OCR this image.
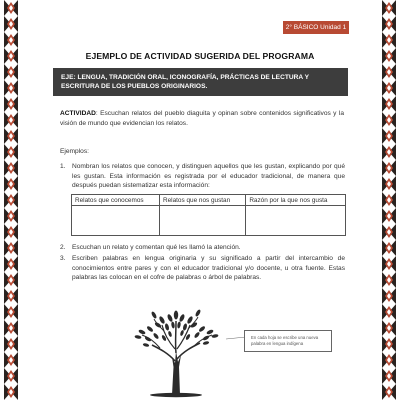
2° BÁSICO Unidad 1
EJEMPLO DE ACTIVIDAD SUGERIDA DEL PROGRAMA
EJE: LENGUA, TRADICIÓN ORAL, ICONOGRAFÍA, PRÁCTICAS DE LECTURA Y ESCRITURA DE LOS PUEBLOS ORIGINARIOS.
ACTIVIDAD: Escuchan relatos del pueblo diaguita y opinan sobre contenidos significativos y la visión de mundo que evidencian los relatos.
Ejemplos:
1. Nombran los relatos que conocen, y distinguen aquellos que les gustan, explicando por qué les gustan. Esta información es registrada por el educador tradicional, de manera que después puedan sistematizar esta información:
Relatos que conocemos	Relatos que nos gustan	Razón por la que nos gusta

2. Escuchan un relato y comentan qué les llamó la atención.
3. Escriben palabras en lengua originaria y su significado a partir del intercambio de conocimientos entre pares y con el educador tradicional y/o docente, u otra fuente. Estas palabras las colocan en el cofre de palabras o árbol de palabras.
En cada hoja se escribe una nueva palabra en lengua indígena
